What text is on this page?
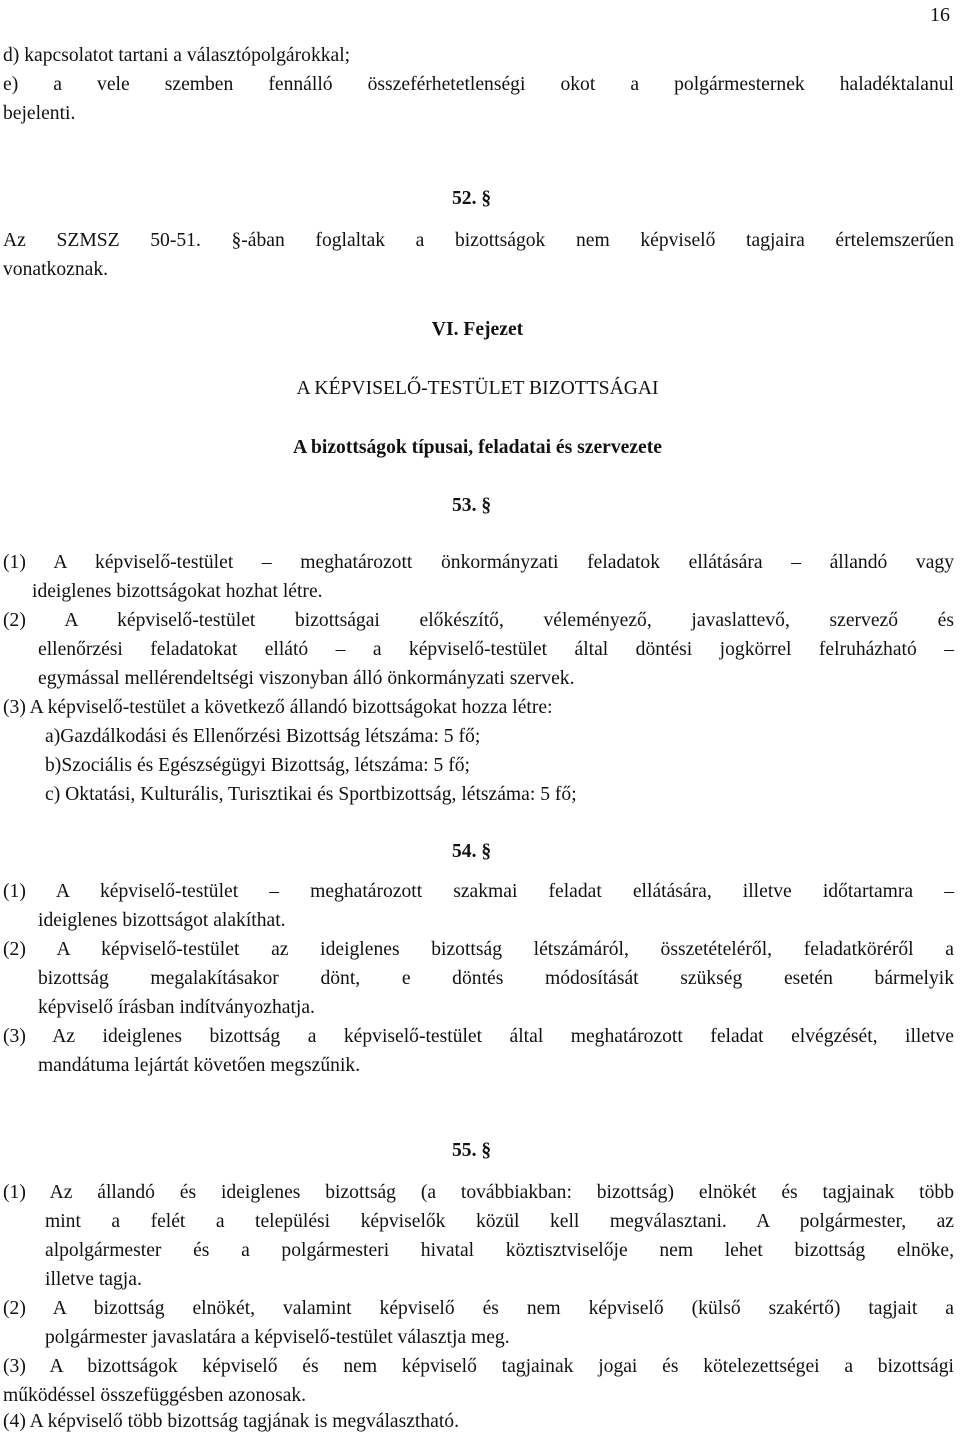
16
d) kapcsolatot tartani a választópolgárokkal;
e) a vele szemben fennálló összeférhetetlenségi okot a polgármesternek haladéktalanul
bejelenti.
52. §
Az SZMSZ 50-51. §-ában foglaltak a bizottságok nem képviselő tagjaira értelemszerűen
vonatkoznak.
VI. Fejezet
A KÉPVISELŐ-TESTÜLET BIZOTTSÁGAI
A bizottságok típusai, feladatai és szervezete
53. §
(1) A képviselő-testület – meghatározott önkormányzati feladatok ellátására – állandó vagy
ideiglenes bizottságokat hozhat létre.
(2) A képviselő-testület bizottságai előkészítő, véleményező, javaslattevő, szervező és
ellenőrzési feladatokat ellátó – a képviselő-testület által döntési jogkörrel felruházható –
egymással mellérendeltségi viszonyban álló önkormányzati szervek.
(3) A képviselő-testület a következő állandó bizottságokat hozza létre:
a)Gazdálkodási és Ellenőrzési Bizottság létszáma: 5 fő;
b)Szociális és Egészségügyi Bizottság, létszáma: 5 fő;
c) Oktatási, Kulturális, Turisztikai és Sportbizottság, létszáma: 5 fő;
54. §
(1) A képviselő-testület – meghatározott szakmai feladat ellátására, illetve időtartamra –
ideiglenes bizottságot alakíthat.
(2) A képviselő-testület az ideiglenes bizottság létszámáról, összetételéről, feladatköréről a
bizottság megalakításakor dönt, e döntés módosítását szükség esetén bármelyik
képviselő írásban indítványozhatja.
(3) Az ideiglenes bizottság a képviselő-testület által meghatározott feladat elvégzését, illetve
mandátuma lejártát követően megszűnik.
55. §
(1) Az állandó és ideiglenes bizottság (a továbbiakban: bizottság) elnökét és tagjainak több
mint a felét a települési képviselők közül kell megválasztani. A polgármester, az
alpolgármester és a polgármesteri hivatal köztisztviselője nem lehet bizottság elnöke,
illetve tagja.
(2) A bizottság elnökét, valamint képviselő és nem képviselő (külső szakértő) tagjait a
polgármester javaslatára a képviselő-testület választja meg.
(3) A bizottságok képviselő és nem képviselő tagjainak jogai és kötelezettségei a bizottsági
működéssel összefüggésben azonosak.
(4) A képviselő több bizottság tagjának is megválasztható.
